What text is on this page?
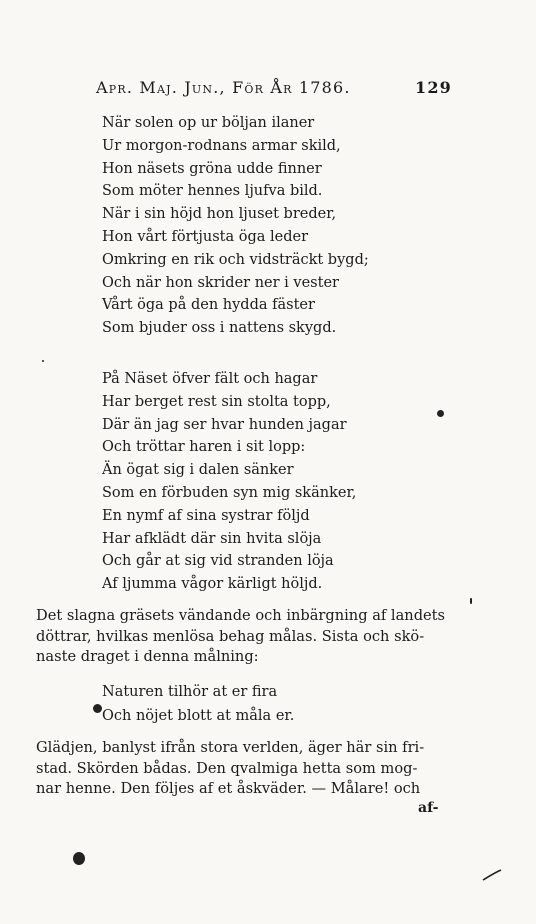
Apr. Maj. Jun., För År 1786.	129
När solen op ur böljan ilaner
Ur morgon-rodnans armar skild,
Hon näsets gröna udde finner
Som möter hennes ljufva bild.
När i sin höjd hon ljuset breder,
Hon vårt förtjusta öga leder
Omkring en rik och vidsträckt bygd;
Och när hon skrider ner i vester
Vårt öga på den hydda fäster
Som bjuder oss i nattens skygd.
På Näset öfver fält och hagar
Har berget rest sin stolta topp,
Där än jag ser hvar hunden jagar
Och tröttar haren i sit lopp:
Än ögat sig i dalen sänker
Som en förbuden syn mig skänker,
En nymf af sina systrar följd
Har afklädt där sin hvita slöja
Och går at sig vid stranden löja
Af ljumma vågor kärligt höljd.
Det slagna gräsets vändande och inbärgning af landets
döttrar, hvilkas menlösa behag målas. Sista och skö-
naste draget i denna målning:
Naturen tilhör at er fira
Och nöjet blott at måla er.
Glädjen, banlyst ifrån stora verlden, äger här sin fri-
stad. Skörden bådas. Den qvalmiga hetta som mog-
nar henne. Den följes af et åskväder. — Målare! och
af-
